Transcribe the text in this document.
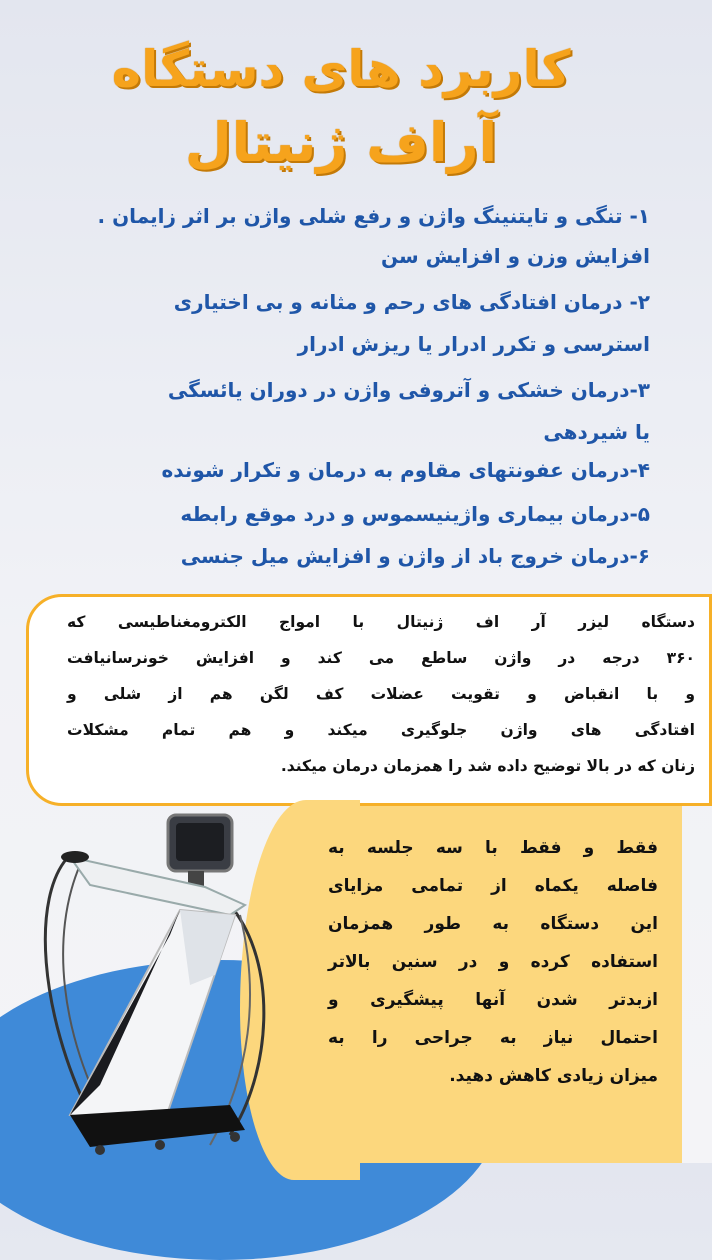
کاربرد های دستگاه
آراف ژنیتال
۱- تنگی و تایتنینگ واژن و رفع شلی واژن بر اثر زایمان .
افزایش وزن و افزایش سن
۲- درمان افتادگی های رحم و مثانه و بی اختیاری
استرسی و تکرر ادرار یا ریزش ادرار
۳-درمان خشکی و آتروفی واژن در دوران یائسگی
یا شیردهی
۴-درمان عفونتهای مقاوم به درمان و تکرار شونده
۵-درمان بیماری واژینیسموس و درد موقع رابطه
۶-درمان خروج باد از واژن و افزایش میل جنسی
دستگاه لیزر آر اف ژنیتال با امواج الکترومغناطیسی که
۳۶۰ درجه در واژن ساطع می کند و افزایش خونرسانیافت
و با انقباض و تقویت عضلات کف لگن هم از شلی و
افتادگی های واژن جلوگیری میکند و هم تمام مشکلات
زنان که در بالا توضیح داده شد را همزمان درمان میکند.
فقط و فقط با سه جلسه به
فاصله یکماه از تمامی مزایای
این دستگاه به طور همزمان
استفاده کرده و در سنین بالاتر
ازبدتر شدن آنها پیشگیری و
احتمال نیاز به جراحی را به
میزان زیادی کاهش دهید.
